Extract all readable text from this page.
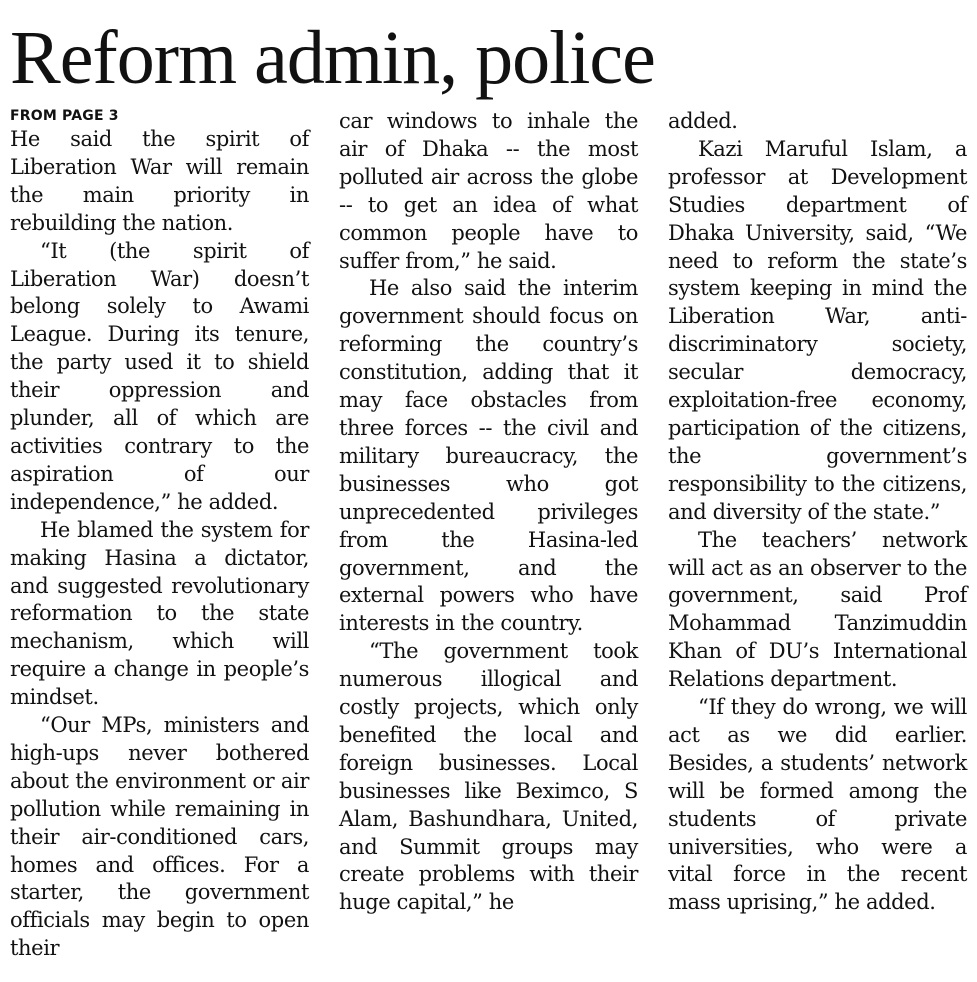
Reform admin, police
FROM PAGE 3

He said the spirit of Liberation War will remain the main priority in rebuilding the nation.

“It (the spirit of Liberation War) doesn’t belong solely to Awami League. During its tenure, the party used it to shield their oppression and plunder, all of which are activities contrary to the aspiration of our independence,” he added.

He blamed the system for making Hasina a dictator, and suggested revolutionary reformation to the state mechanism, which will require a change in people’s mindset.

“Our MPs, ministers and high-ups never bothered about the environment or air pollution while remaining in their air-conditioned cars, homes and offices. For a starter, the government officials may begin to open their

car windows to inhale the air of Dhaka -- the most polluted air across the globe -- to get an idea of what common people have to suffer from,” he said.

He also said the interim government should focus on reforming the country’s constitution, adding that it may face obstacles from three forces -- the civil and military bureaucracy, the businesses who got unprecedented privileges from the Hasina-led government, and the external powers who have interests in the country.

“The government took numerous illogical and costly projects, which only benefited the local and foreign businesses. Local businesses like Beximco, S Alam, Bashundhara, United, and Summit groups may create problems with their huge capital,” he

added.

Kazi Maruful Islam, a professor at Development Studies department of Dhaka University, said, “We need to reform the state’s system keeping in mind the Liberation War, anti-discriminatory society, secular democracy, exploitation-free economy, participation of the citizens, the government’s responsibility to the citizens, and diversity of the state.”

The teachers’ network will act as an observer to the government, said Prof Mohammad Tanzimuddin Khan of DU’s International Relations department.

“If they do wrong, we will act as we did earlier. Besides, a students’ network will be formed among the students of private universities, who were a vital force in the recent mass uprising,” he added.
